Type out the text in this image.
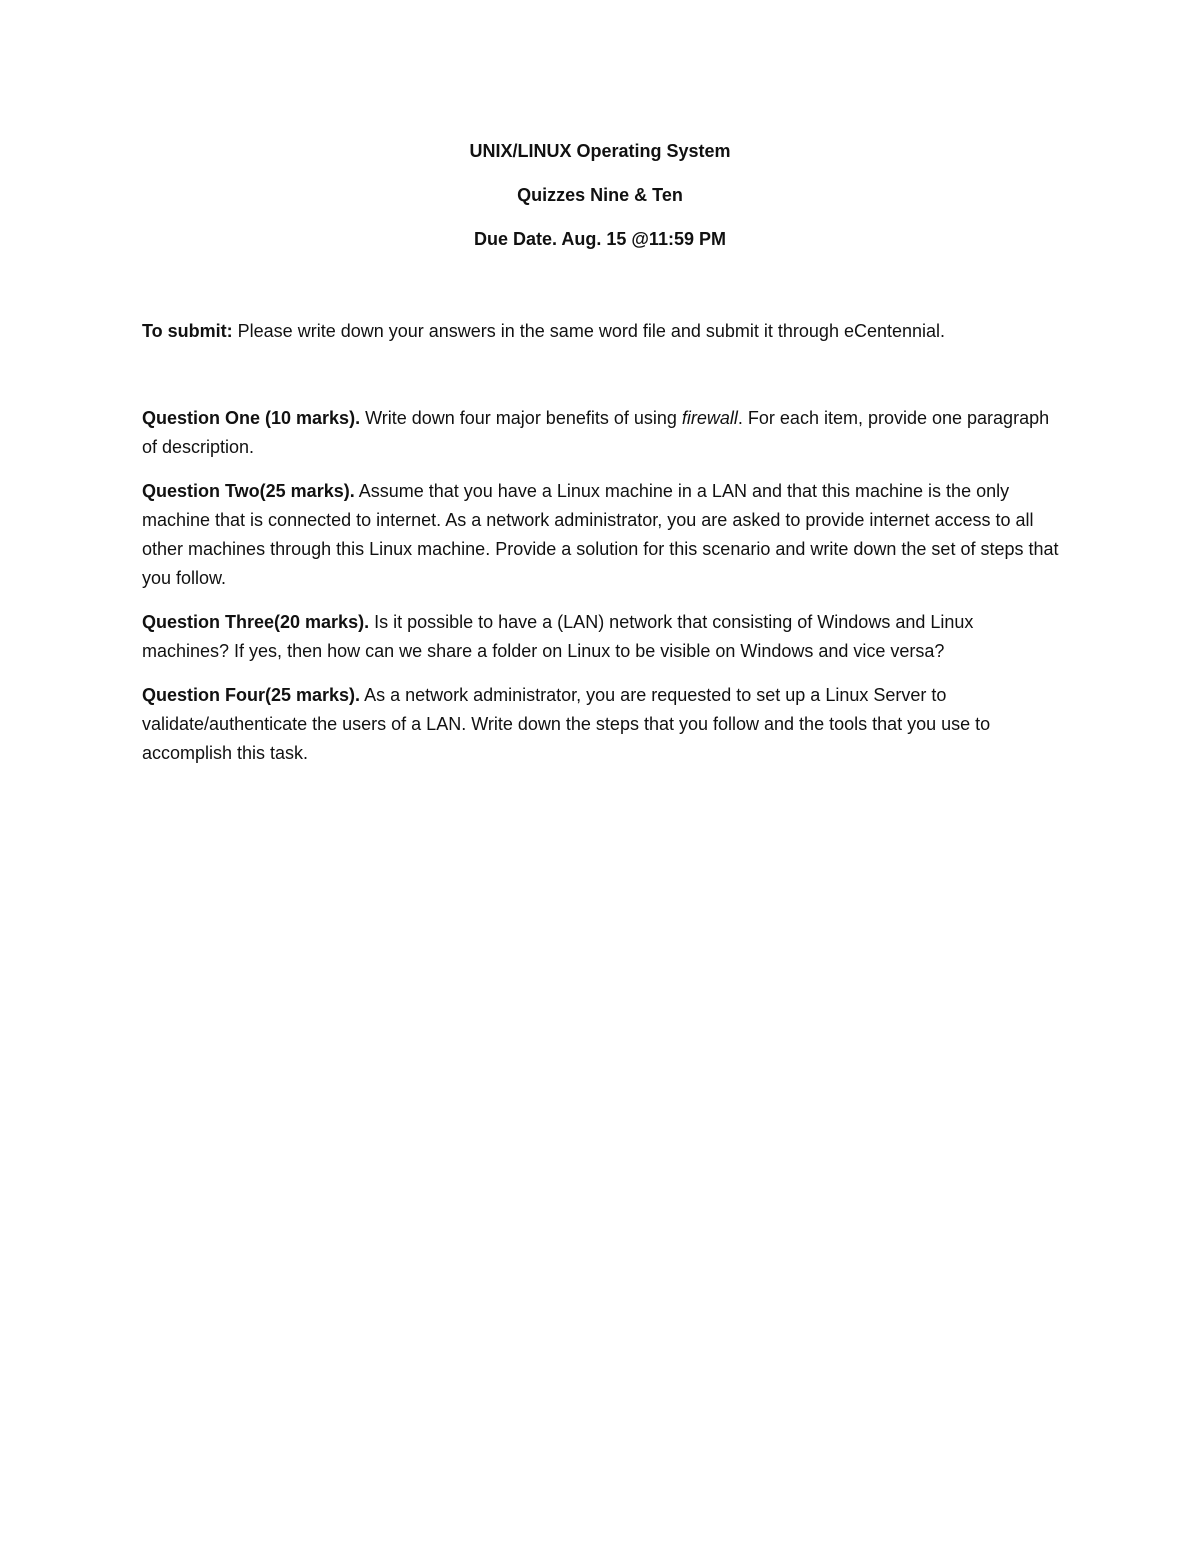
UNIX/LINUX Operating System
Quizzes Nine & Ten
Due Date. Aug. 15 @11:59 PM

To submit: Please write down your answers in the same word file and submit it through eCentennial.

Question One (10 marks). Write down four major benefits of using firewall. For each item, provide one paragraph of description.

Question Two(25 marks). Assume that you have a Linux machine in a LAN and that this machine is the only machine that is connected to internet. As a network administrator, you are asked to provide internet access to all other machines through this Linux machine. Provide a solution for this scenario and write down the set of steps that you follow.

Question Three(20 marks). Is it possible to have a (LAN) network that consisting of Windows and Linux machines? If yes, then how can we share a folder on Linux to be visible on Windows and vice versa?

Question Four(25 marks). As a network administrator, you are requested to set up a Linux Server to validate/authenticate the users of a LAN. Write down the steps that you follow and the tools that you use to accomplish this task.
